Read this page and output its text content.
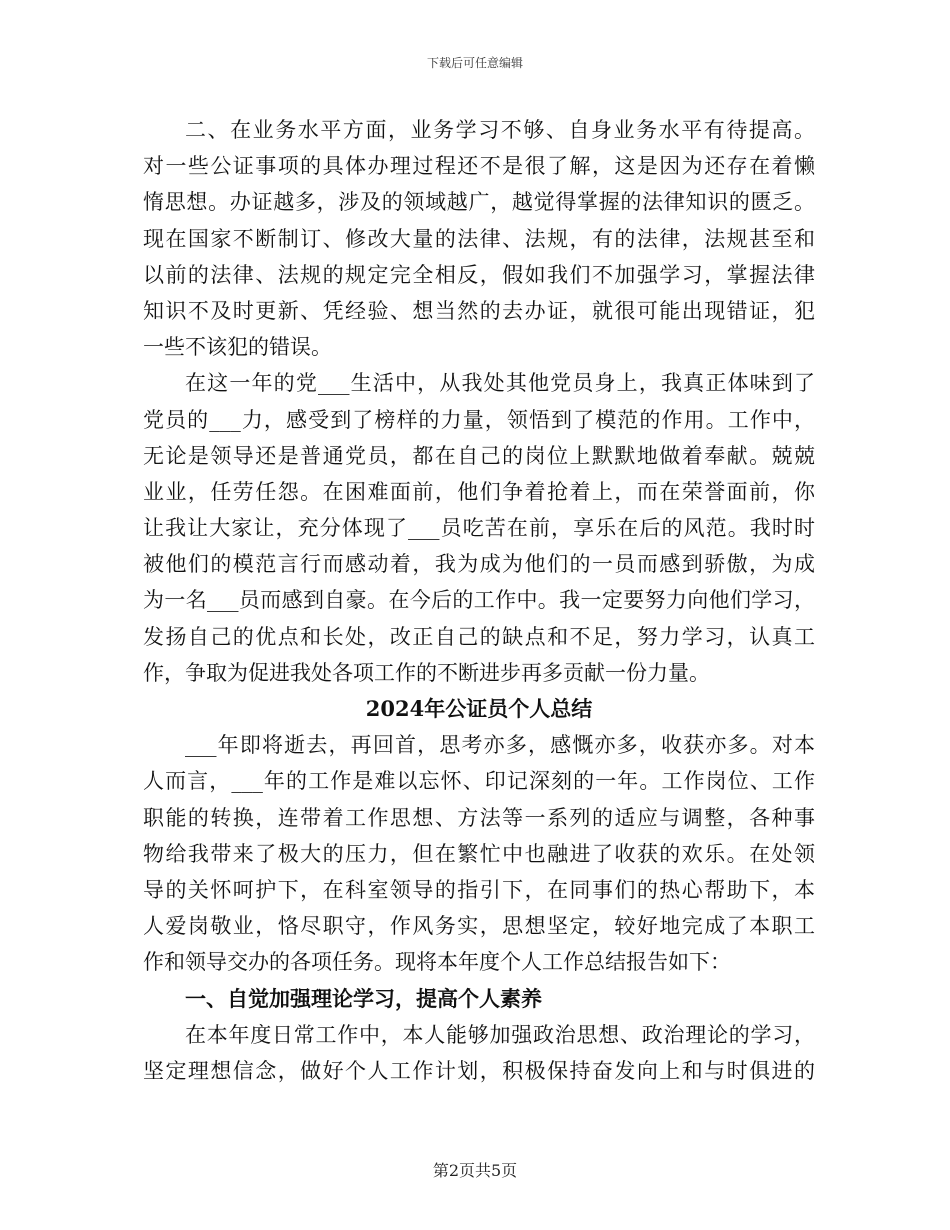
下载后可任意编辑
二、在业务水平方面，业务学习不够、自身业务水平有待提高。
对一些公证事项的具体办理过程还不是很了解，这是因为还存在着懒
惰思想。办证越多，涉及的领域越广，越觉得掌握的法律知识的匮乏。
现在国家不断制订、修改大量的法律、法规，有的法律，法规甚至和
以前的法律、法规的规定完全相反，假如我们不加强学习，掌握法律
知识不及时更新、凭经验、想当然的去办证，就很可能出现错证，犯
一些不该犯的错误。
在这一年的党___生活中，从我处其他党员身上，我真正体味到了
党员的___力，感受到了榜样的力量，领悟到了模范的作用。工作中，
无论是领导还是普通党员，都在自己的岗位上默默地做着奉献。兢兢
业业，任劳任怨。在困难面前，他们争着抢着上，而在荣誉面前，你
让我让大家让，充分体现了___员吃苦在前，享乐在后的风范。我时时
被他们的模范言行而感动着，我为成为他们的一员而感到骄傲，为成
为一名___员而感到自豪。在今后的工作中。我一定要努力向他们学习，
发扬自己的优点和长处，改正自己的缺点和不足，努力学习，认真工
作，争取为促进我处各项工作的不断进步再多贡献一份力量。
2024年公证员个人总结
___年即将逝去，再回首，思考亦多，感慨亦多，收获亦多。对本
人而言，___年的工作是难以忘怀、印记深刻的一年。工作岗位、工作
职能的转换，连带着工作思想、方法等一系列的适应与调整，各种事
物给我带来了极大的压力，但在繁忙中也融进了收获的欢乐。在处领
导的关怀呵护下，在科室领导的指引下，在同事们的热心帮助下，本
人爱岗敬业，恪尽职守，作风务实，思想坚定，较好地完成了本职工
作和领导交办的各项任务。现将本年度个人工作总结报告如下：
一、自觉加强理论学习，提高个人素养
在本年度日常工作中，本人能够加强政治思想、政治理论的学习，
坚定理想信念，做好个人工作计划，积极保持奋发向上和与时俱进的
第2页共5页
